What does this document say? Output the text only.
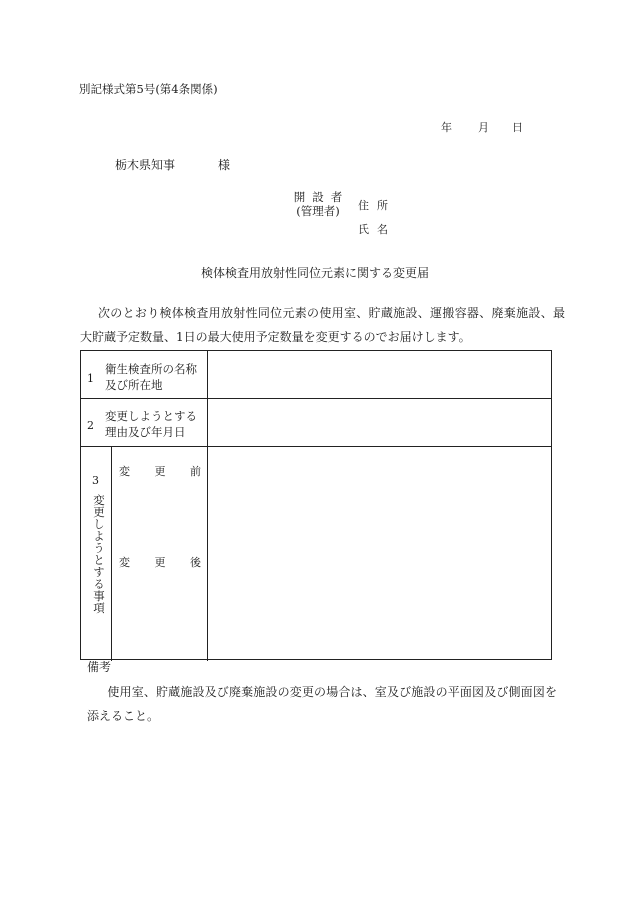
別記様式第5号(第4条関係)
年 月 日
栃木県知事	様
開設者
(管理者)	住所
氏名
検体検査用放射性同位元素に関する変更届
次のとおり検体検査用放射性同位元素の使用室、貯蔵施設、運搬容器、廃棄施設、最大貯蔵予定数量、1日の最大使用予定数量を変更するのでお届けします。
1
衛生検査所の名称及び所在地
2
変更しようとする理由及び年月日
3
変更しようとする事項
変 更 前
変 更 後
備考
使用室、貯蔵施設及び廃棄施設の変更の場合は、室及び施設の平面図及び側面図を添えること。
